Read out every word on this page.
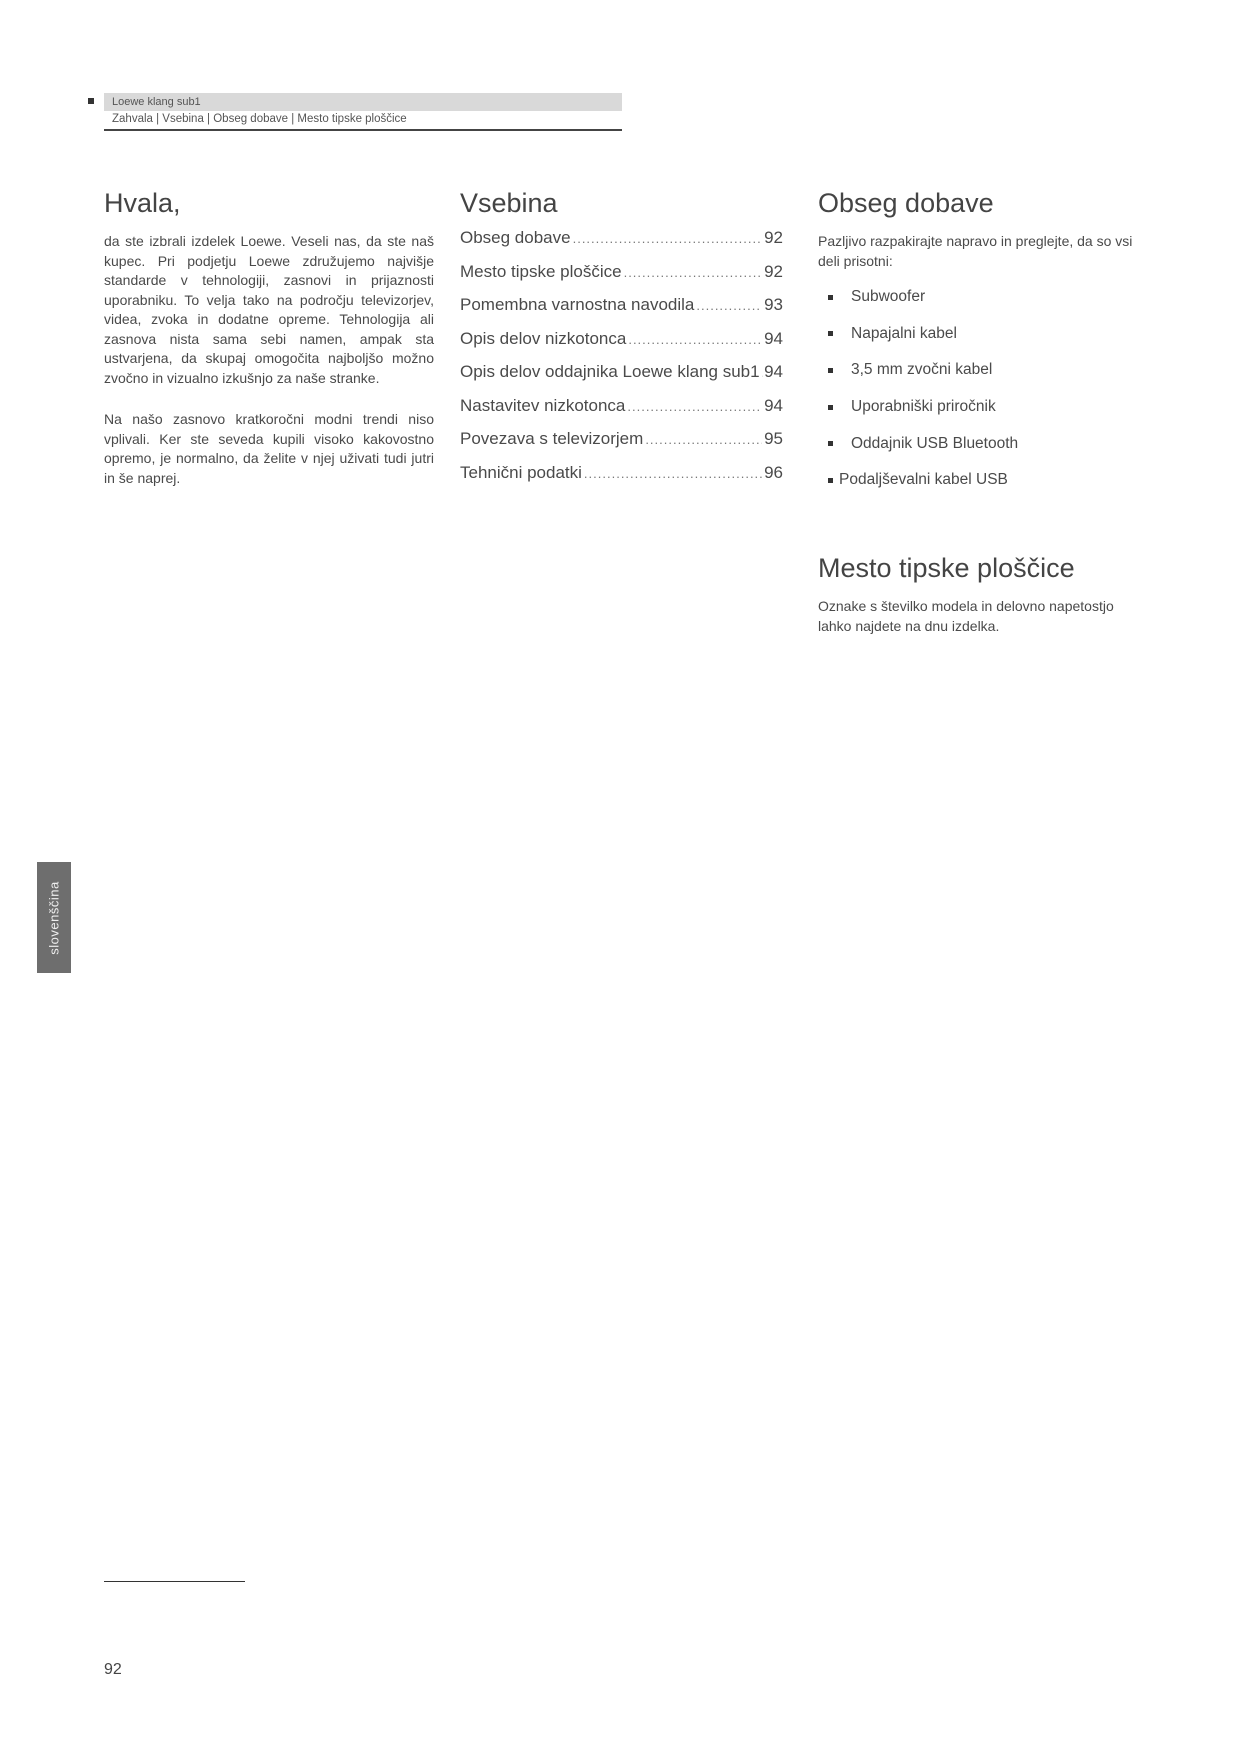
Loewe klang sub1
Zahvala | Vsebina | Obseg dobave | Mesto tipske ploščice
Hvala,

da ste izbrali izdelek Loewe. Veseli nas, da ste naš kupec. Pri podjetju Loewe združujemo najvišje standarde v tehnologiji, zasnovi in prijaznosti uporabniku. To velja tako na področju televizorjev, videa, zvoka in dodatne opreme. Tehnologija ali zasnova nista sama sebi namen, ampak sta ustvarjena, da skupaj omogočita najboljšo možno zvočno in vizualno izkušnjo za naše stranke.

Na našo zasnovo kratkoročni modni trendi niso vplivali. Ker ste seveda kupili visoko kakovostno opremo, je normalno, da želite v njej uživati tudi jutri in še naprej.

Vsebina
Obseg dobave .....	92
Mesto tipske ploščice .....	92
Pomembna varnostna navodila .....	93
Opis delov nizkotonca .....	94
Opis delov oddajnika Loewe klang sub1 ..... 94
Nastavitev nizkotonca .....	94
Povezava s televizorjem .....	95
Tehnični podatki .....	96
Obseg dobave
Pazljivo razpakirajte napravo in preglejte, da so vsi deli prisotni:
Subwoofer
Napajalni kabel
3,5 mm zvočni kabel
Uporabniški priročnik
Oddajnik USB Bluetooth
Podaljševalni kabel USB
Mesto tipske ploščice
Oznake s številko modela in delovno napetostjo lahko najdete na dnu izdelka.
slovenščina
92
